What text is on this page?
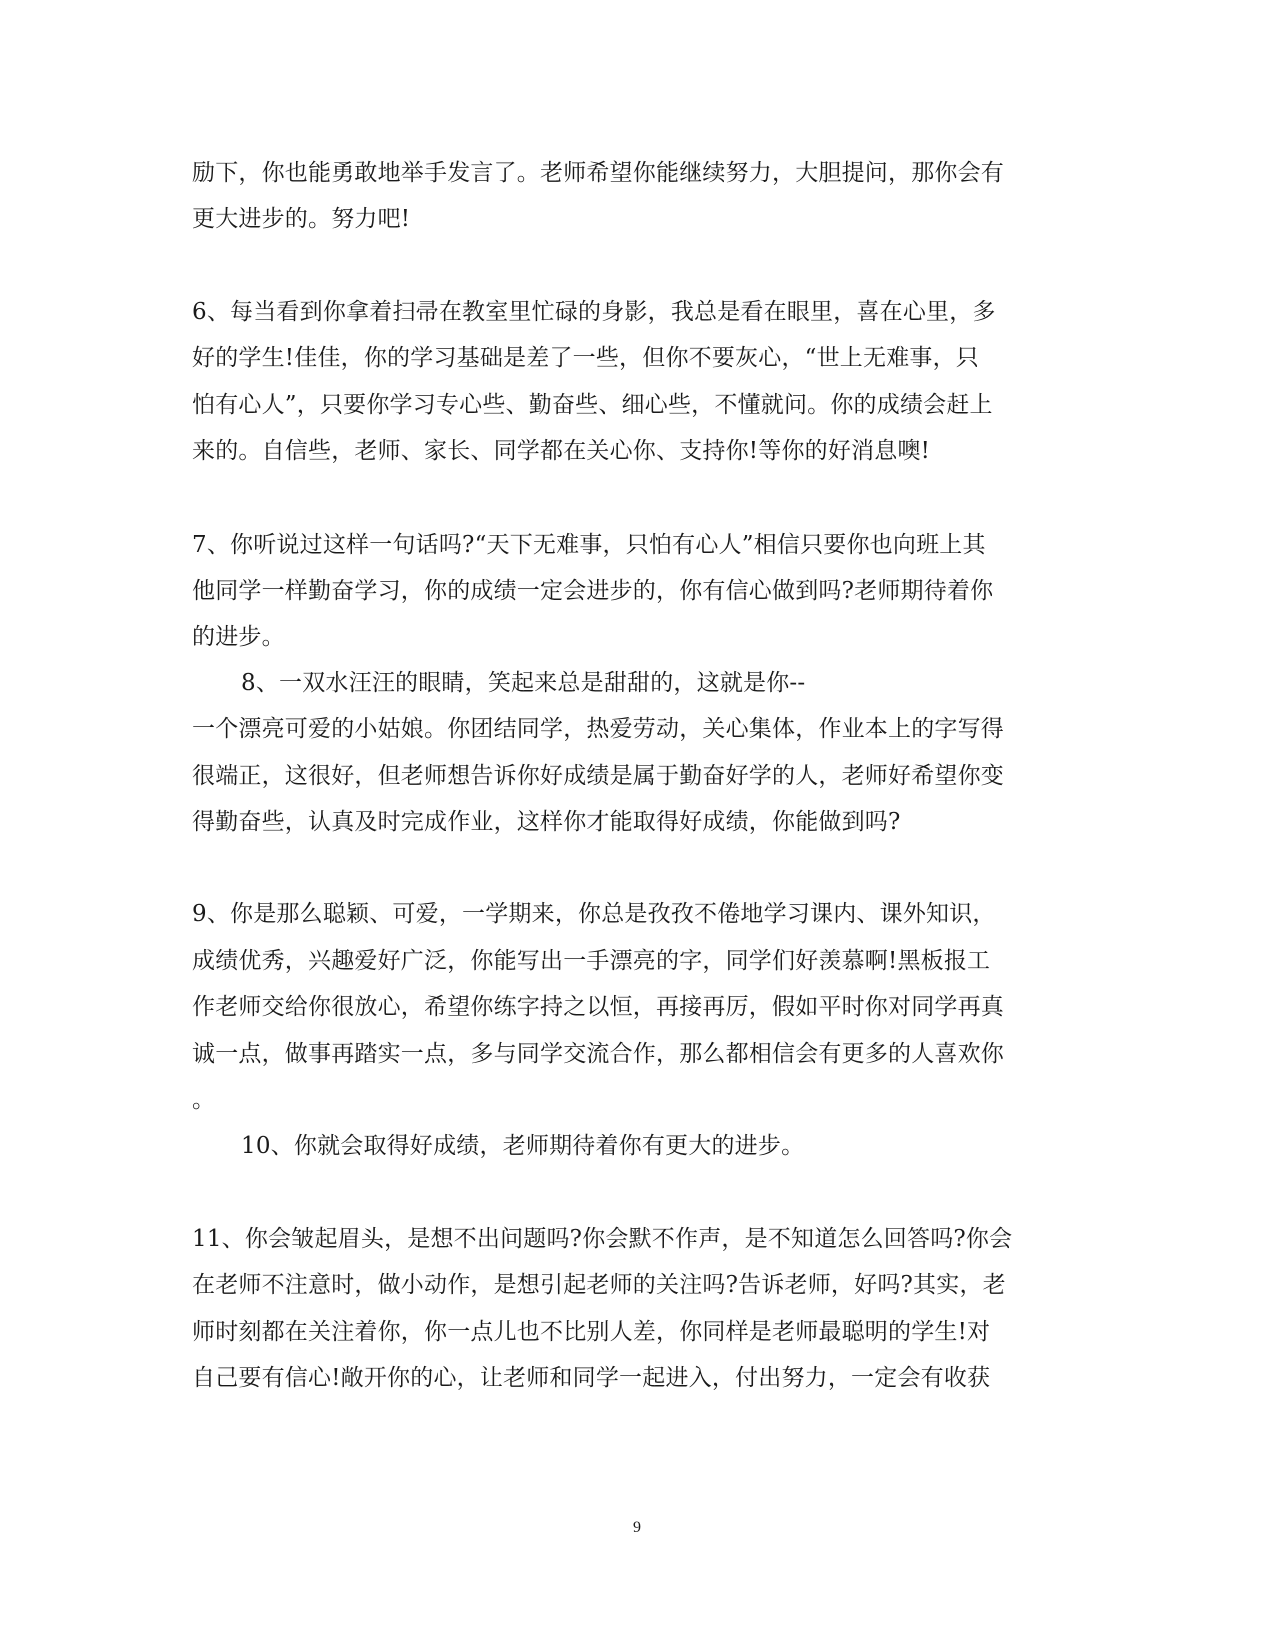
励下，你也能勇敢地举手发言了。老师希望你能继续努力，大胆提问，那你会有
更大进步的。努力吧!
6、每当看到你拿着扫帚在教室里忙碌的身影，我总是看在眼里，喜在心里，多
好的学生!佳佳，你的学习基础是差了一些，但你不要灰心，“世上无难事，只
怕有心人”，只要你学习专心些、勤奋些、细心些，不懂就问。你的成绩会赶上
来的。自信些，老师、家长、同学都在关心你、支持你!等你的好消息噢!
7、你听说过这样一句话吗?“天下无难事，只怕有心人”相信只要你也向班上其
他同学一样勤奋学习，你的成绩一定会进步的，你有信心做到吗?老师期待着你
的进步。
8、一双水汪汪的眼睛，笑起来总是甜甜的，这就是你--
一个漂亮可爱的小姑娘。你团结同学，热爱劳动，关心集体，作业本上的字写得
很端正，这很好，但老师想告诉你好成绩是属于勤奋好学的人，老师好希望你变
得勤奋些，认真及时完成作业，这样你才能取得好成绩，你能做到吗?
9、你是那么聪颖、可爱，一学期来，你总是孜孜不倦地学习课内、课外知识，
成绩优秀，兴趣爱好广泛，你能写出一手漂亮的字，同学们好羡慕啊!黑板报工
作老师交给你很放心，希望你练字持之以恒，再接再厉，假如平时你对同学再真
诚一点，做事再踏实一点，多与同学交流合作，那么都相信会有更多的人喜欢你
。
10、你就会取得好成绩，老师期待着你有更大的进步。
11、你会皱起眉头，是想不出问题吗?你会默不作声，是不知道怎么回答吗?你会
在老师不注意时，做小动作，是想引起老师的关注吗?告诉老师，好吗?其实，老
师时刻都在关注着你，你一点儿也不比别人差，你同样是老师最聪明的学生!对
自己要有信心!敞开你的心，让老师和同学一起进入，付出努力，一定会有收获
9
